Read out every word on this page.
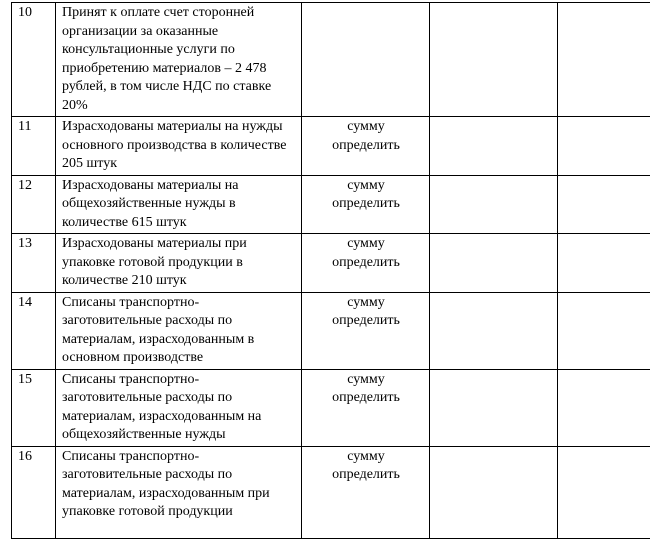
10	Принят к оплате счет сторонней организации за оказанные консультационные услуги по приобретению материалов – 2 478 рублей, в том числе НДС по ставке 20%	

11	Израсходованы материалы на нужды основного производства в количестве 205 штук	сумму
определить		

12	Израсходованы материалы на общехозяйственные нужды в количестве 615 штук	сумму
определить		

13	Израсходованы материалы при упаковке готовой продукции в количестве 210 штук	сумму
определить		

14	Списаны транспортно-заготовительные расходы по материалам, израсходованным в основном производстве	сумму
определить		

15	Списаны транспортно-заготовительные расходы по материалам, израсходованным на общехозяйственные нужды	сумму
определить		

16	Списаны транспортно-заготовительные расходы по материалам, израсходованным при упаковке готовой продукции	сумму
определить		
